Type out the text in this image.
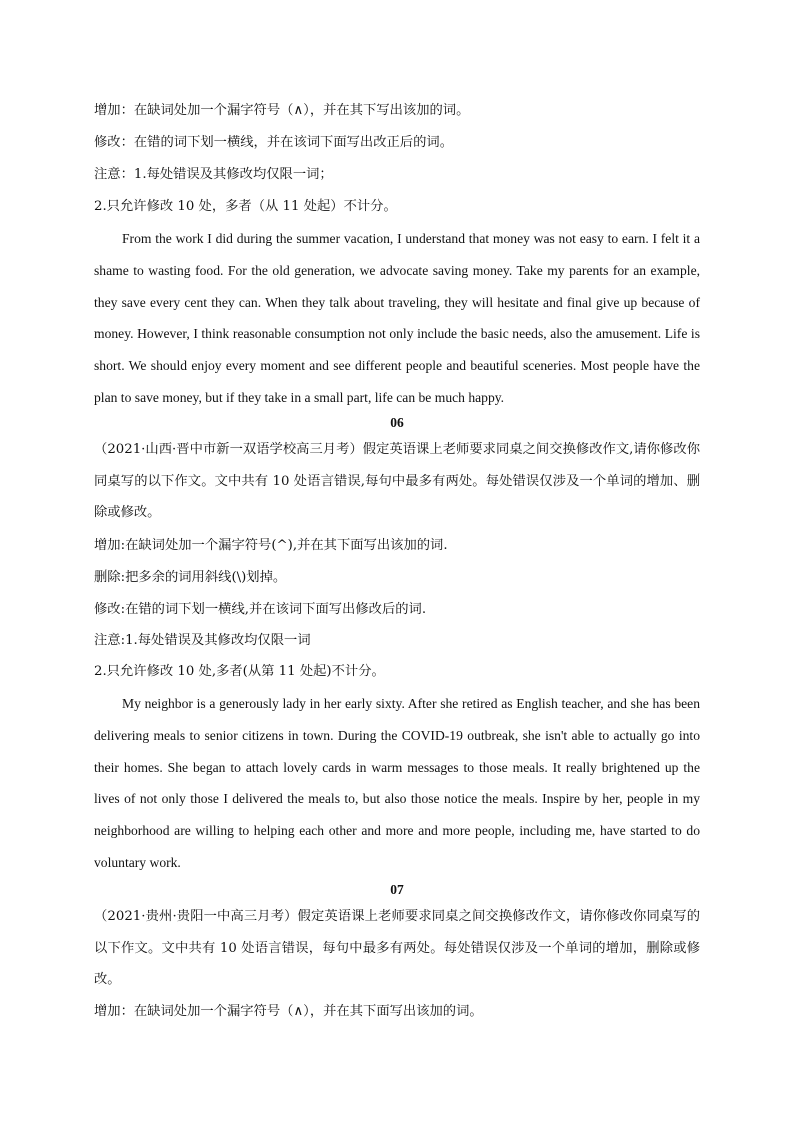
增加：在缺词处加一个漏字符号（∧），并在其下写出该加的词。
修改：在错的词下划一横线，并在该词下面写出改正后的词。
注意：1.每处错误及其修改均仅限一词；
2.只允许修改 10 处，多者（从 11 处起）不计分。
From the work I did during the summer vacation, I understand that money was not easy to earn. I felt it a shame to wasting food. For the old generation, we advocate saving money. Take my parents for an example, they save every cent they can. When they talk about traveling, they will hesitate and final give up because of money. However, I think reasonable consumption not only include the basic needs, also the amusement. Life is short. We should enjoy every moment and see different people and beautiful sceneries. Most people have the plan to save money, but if they take in a small part, life can be much happy.
06
（2021·山西·晋中市新一双语学校高三月考）假定英语课上老师要求同桌之间交换修改作文,请你修改你同桌写的以下作文。文中共有 10 处语言错误,每句中最多有两处。每处错误仅涉及一个单词的增加、删除或修改。
增加:在缺词处加一个漏字符号(^),并在其下面写出该加的词.
删除:把多余的词用斜线(\)划掉。
修改:在错的词下划一横线,并在该词下面写出修改后的词.
注意:1.每处错误及其修改均仅限一词
2.只允许修改 10 处,多者(从第 11 处起)不计分。
My neighbor is a generously lady in her early sixty. After she retired as English teacher, and she has been delivering meals to senior citizens in town. During the COVID-19 outbreak, she isn't able to actually go into their homes. She began to attach lovely cards in warm messages to those meals. It really brightened up the lives of not only those I delivered the meals to, but also those notice the meals. Inspire by her, people in my neighborhood are willing to helping each other and more and more people, including me, have started to do voluntary work.
07
（2021·贵州·贵阳一中高三月考）假定英语课上老师要求同桌之间交换修改作文，请你修改你同桌写的以下作文。文中共有 10 处语言错误，每句中最多有两处。每处错误仅涉及一个单词的增加，删除或修改。
增加：在缺词处加一个漏字符号（∧），并在其下面写出该加的词。
